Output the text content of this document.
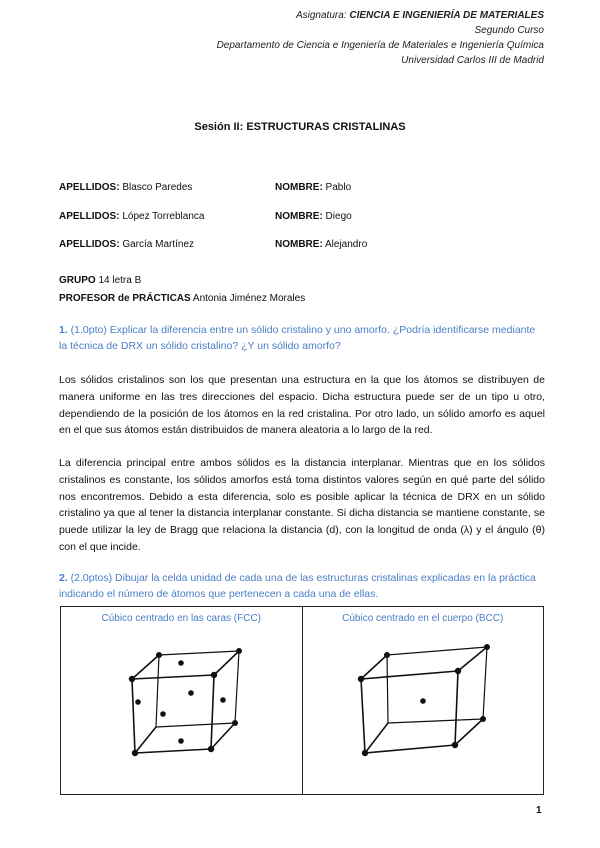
Asignatura: CIENCIA E INGENIERÍA DE MATERIALES
Segundo Curso
Departamento de Ciencia e Ingeniería de Materiales e Ingeniería Química
Universidad Carlos III de Madrid
Sesión II: ESTRUCTURAS CRISTALINAS
APELLIDOS: Blasco Paredes	NOMBRE: Pablo
APELLIDOS: López Torreblanca	NOMBRE: Diego
APELLIDOS: García Martínez	NOMBRE: Alejandro
GRUPO 14 letra B
PROFESOR de PRÁCTICAS Antonia Jiménez Morales
1. (1.0pto) Explicar la diferencia entre un sólido cristalino y uno amorfo. ¿Podría identificarse mediante la técnica de DRX un sólido cristalino? ¿Y un sólido amorfo?
Los sólidos cristalinos son los que presentan una estructura en la que los átomos se distribuyen de manera uniforme en las tres direcciones del espacio. Dicha estructura puede ser de un tipo u otro, dependiendo de la posición de los átomos en la red cristalina. Por otro lado, un sólido amorfo es aquel en el que sus átomos están distribuidos de manera aleatoria a lo largo de la red.
La diferencia principal entre ambos sólidos es la distancia interplanar. Mientras que en los sólidos cristalinos es constante, los sólidos amorfos está toma distintos valores según en qué parte del sólido nos encontremos. Debido a esta diferencia, solo es posible aplicar la técnica de DRX en un sólido cristalino ya que al tener la distancia interplanar constante. Si dicha distancia se mantiene constante, se puede utilizar la ley de Bragg que relaciona la distancia (d), con la longitud de onda (λ) y el ángulo (θ) con el que incide.
2. (2.0ptos) Dibujar la celda unidad de cada una de las estructuras cristalinas explicadas en la práctica indicando el número de átomos que pertenecen a cada una de ellas.
Cúbico centrado en las caras (FCC)	Cúbico centrado en el cuerpo (BCC)
1
